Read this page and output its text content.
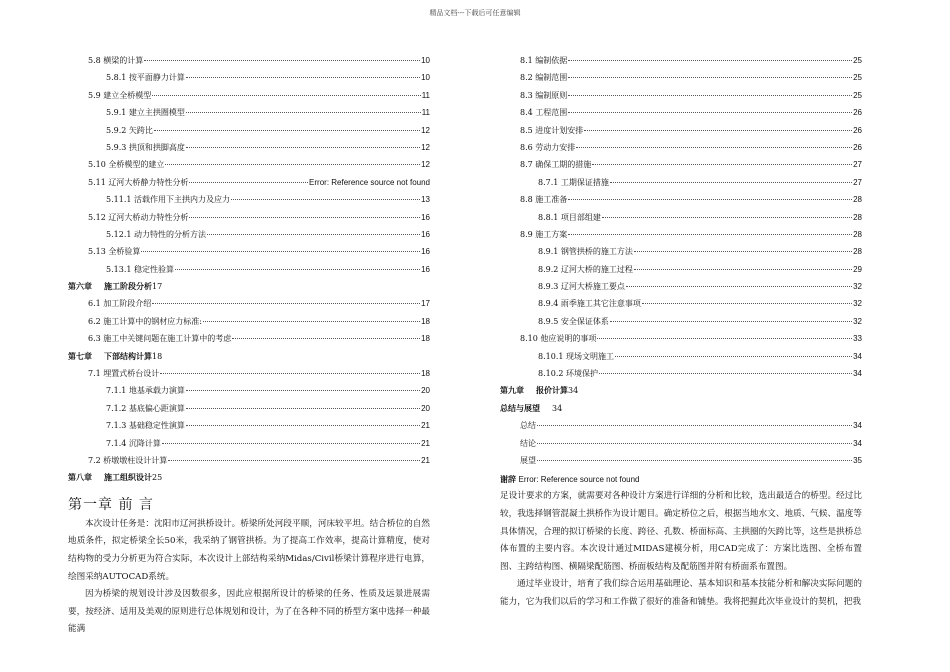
精品文档---下载后可任意编辑
5.8 横梁的计算	10
5.8.1 按平面静力计算	10
5.9 建立全桥模型	11
5.9.1 建立主拱圈模型	11
5.9.2 矢跨比	12
5.9.3 拱顶和拱脚高度	12
5.10 全桥模型的建立	12
5.11 辽河大桥静力特性分析	Error: Reference source not found
5.11.1 活载作用下主拱内力及应力	13
5.12 辽河大桥动力特性分析	16
5.12.1 动力特性的分析方法	16
5.13 全桥验算	16
5.13.1 稳定性验算	16
第六章 施工阶段分析 17
6.1 加工阶段介绍	17
6.2 施工计算中的钢材应力标准:	18
6.3 施工中关键问题在施工计算中的考虑	18
第七章 下部结构计算 18
7.1 埋置式桥台设计	18
7.1.1 地基承载力演算	20
7.1.2 基底偏心距演算	20
7.1.3 基础稳定性演算	21
7.1.4 沉降计算	21
7.2 桥墩墩柱设计计算	21
第八章 施工组织设计 25
第一章 前 言

本次设计任务是：沈阳市辽河拱桥设计。桥梁所处河段平顺，河床较平坦。结合桥位的自然地质条件，拟定桥梁全长50米，我采纳了钢管拱桥。为了提高工作效率，提高计算精度，使对结构物的受力分析更为符合实际，本次设计上部结构采纳Midas/Civil桥梁计算程序进行电算，绘图采纳AUTOCAD系统。

因为桥梁的规划设计涉及因数很多，因此应根据所设计的桥梁的任务、性质及远景进展需要，按经济、适用及美观的原则进行总体规划和设计，为了在各种不同的桥型方案中选择一种最能满

8.1 编制依据	25
8.2 编制范围	25
8.3 编制原则	25
8.4 工程范围	26
8.5 进度计划安排	26
8.6 劳动力安排	26
8.7 确保工期的措施	27
8.7.1 工期保证措施	27
8.8 施工准备	28
8.8.1 项目部组建	28
8.9 施工方案	28
8.9.1 钢管拱桥的施工方法	28
8.9.2 辽河大桥的施工过程	29
8.9.3 辽河大桥施工要点	32
8.9.4 雨季施工其它注意事项	32
8.9.5 安全保证体系	32
8.10 他应说明的事项	33
8.10.1 现场文明施工	34
8.10.2 环境保护	34
第九章 报价计算 34
总结与展望 34
总结	34
结论	34
展望	35
谢辞 Error: Reference source not found

足设计要求的方案，就需要对各种设计方案进行详细的分析和比较，选出最适合的桥型。经过比较，我选择钢管混凝土拱桥作为设计题目。确定桥位之后，根据当地水文、地质、气候、温度等具体情况，合理的拟订桥梁的长度、跨径、孔数、桥面标高、主拱圈的矢跨比等，这些是拱桥总体布置的主要内容。本次设计通过MIDAS建模分析，用CAD完成了：方案比选图、全桥布置图、主跨结构图、横隔梁配筋图、桥面板结构及配筋图并附有桥面系布置图。

通过毕业设计，培育了我们综合运用基础理论、基本知识和基本技能分析和解决实际问题的能力，它为我们以后的学习和工作做了很好的准备和铺垫。我将把握此次毕业设计的契机，把我
